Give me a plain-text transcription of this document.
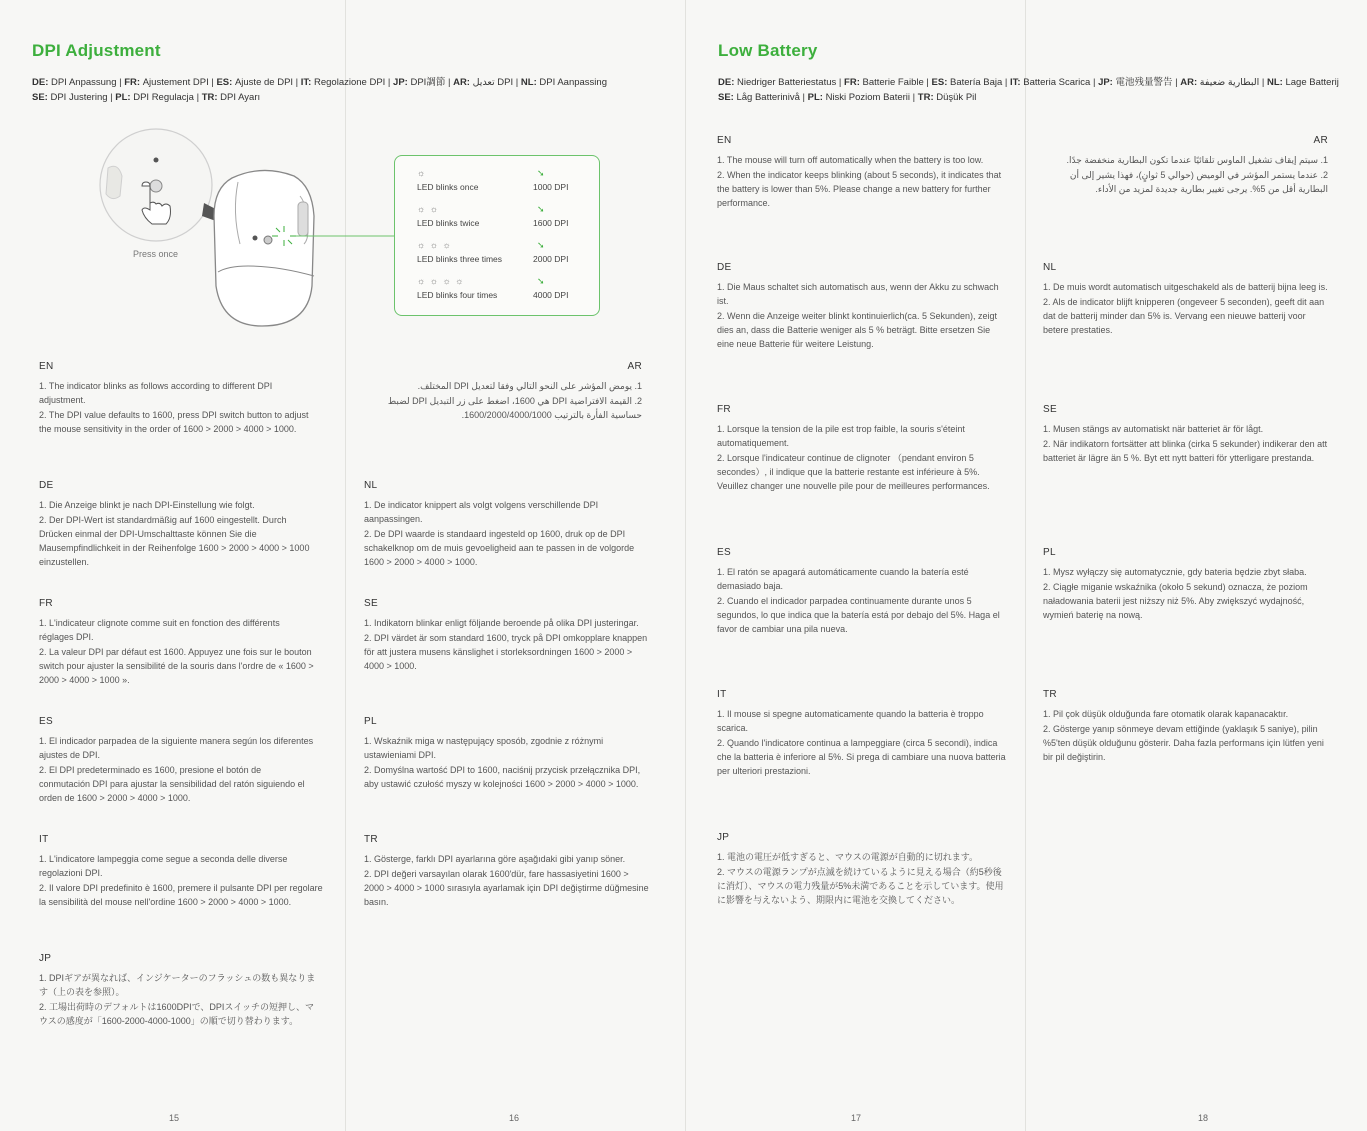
DPI Adjustment
DE: DPI Anpassung | FR: Ajustement DPI | ES: Ajuste de DPI | IT: Regolazione DPI | JP: DPI調節 | AR: تعديل DPI | NL: DPI Aanpassing
SE: DPI Justering | PL: DPI Regulacja | TR: DPI Ayarı
EN

1. The indicator blinks as follows according to different DPI adjustment.

2. The DPI value defaults to 1600, press DPI switch button to adjust the mouse sensitivity in the order of 1600 > 2000 > 4000 > 1000.

DE

1. Die Anzeige blinkt je nach DPI-Einstellung wie folgt.

2. Der DPI-Wert ist standardmäßig auf 1600 eingestellt. Durch Drücken einmal der DPI-Umschalttaste können Sie die Mausempfindlichkeit in der Reihenfolge 1600 > 2000 > 4000 > 1000 einzustellen.

FR

1. L'indicateur clignote comme suit en fonction des différents réglages DPI.

2. La valeur DPI par défaut est 1600. Appuyez une fois sur le bouton switch pour ajuster la sensibilité de la souris dans l'ordre de « 1600 > 2000 > 4000 > 1000 ».

ES

1. El indicador parpadea de la siguiente manera según los diferentes ajustes de DPI.

2. El DPI predeterminado es 1600, presione el botón de conmutación DPI para ajustar la sensibilidad del ratón siguiendo el orden de 1600 > 2000 > 4000 > 1000.

IT

1. L'indicatore lampeggia come segue a seconda delle diverse regolazioni DPI.

2. Il valore DPI predefinito è 1600, premere il pulsante DPI per regolare la sensibilità del mouse nell'ordine 1600 > 2000 > 4000 > 1000.

JP

1. DPIギアが異なれば、インジケーターのフラッシュの数も異なります（上の表を参照）。

2. 工場出荷時のデフォルトは1600DPIで、DPIスイッチの短押し、マウスの感度が「1600-2000-4000-1000」の順で切り替わります。

15
Press once
☼	➘
LED blinks once	1000 DPI
☼ ☼	➘
LED blinks twice	1600 DPI
☼ ☼ ☼	➘
LED blinks three times	2000 DPI
☼ ☼ ☼ ☼	➘
LED blinks four times	4000 DPI
AR

1. يومض المؤشر على النحو التالي وفقا لتعديل DPI المختلف.

2. القيمة الافتراضية DPI هي 1600، اضغط على زر التبديل DPI لضبط حساسية الفأرة بالترتيب 1600/2000/4000/1000.

NL

1. De indicator knippert als volgt volgens verschillende DPI aanpassingen.

2. De DPI waarde is standaard ingesteld op 1600, druk op de DPI schakelknop om de muis gevoeligheid aan te passen in de volgorde 1600 > 2000 > 4000 > 1000.

SE

1. Indikatorn blinkar enligt följande beroende på olika DPI justeringar.

2. DPI värdet är som standard 1600, tryck på DPI omkopplare knappen för att justera musens känslighet i storleksordningen 1600 > 2000 > 4000 > 1000.

PL

1. Wskaźnik miga w następujący sposób, zgodnie z różnymi ustawieniami DPI.

2. Domyślna wartość DPI to 1600, naciśnij przycisk przełącznika DPI, aby ustawić czułość myszy w kolejności 1600 > 2000 > 4000 > 1000.

TR

1. Gösterge, farklı DPI ayarlarına göre aşağıdaki gibi yanıp söner.

2. DPI değeri varsayılan olarak 1600'dür, fare hassasiyetini 1600 > 2000 > 4000 > 1000 sırasıyla ayarlamak için DPI değiştirme düğmesine basın.

16
Low Battery
DE: Niedriger Batteriestatus | FR: Batterie Faible | ES: Batería Baja | IT: Batteria Scarica | JP: 電池残量警告 | AR: البطارية ضعيفة | NL: Lage Batterij
SE: Låg Batterinivå | PL: Niski Poziom Baterii | TR: Düşük Pil
EN

1. The mouse will turn off automatically when the battery is too low.

2. When the indicator keeps blinking (about 5 seconds), it indicates that the battery is lower than 5%. Please change a new battery for further performance.

DE

1. Die Maus schaltet sich automatisch aus, wenn der Akku zu schwach ist.

2. Wenn die Anzeige weiter blinkt kontinuierlich(ca. 5 Sekunden), zeigt dies an, dass die Batterie weniger als 5 % beträgt. Bitte ersetzen Sie eine neue Batterie für weitere Leistung.

FR

1. Lorsque la tension de la pile est trop faible, la souris s'éteint automatiquement.

2. Lorsque l'indicateur continue de clignoter （pendant environ 5 secondes）, il indique que la batterie restante est inférieure à 5%. Veuillez changer une nouvelle pile pour de meilleures performances.

ES

1. El ratón se apagará automáticamente cuando la batería esté demasiado baja.

2. Cuando el indicador parpadea continuamente durante unos 5 segundos, lo que indica que la batería está por debajo del 5%. Haga el favor de cambiar una pila nueva.

IT

1. Il mouse si spegne automaticamente quando la batteria è troppo scarica.

2. Quando l'indicatore continua a lampeggiare (circa 5 secondi), indica che la batteria è inferiore al 5%. Si prega di cambiare una nuova batteria per ulteriori prestazioni.

JP

1. 電池の電圧が低すぎると、マウスの電源が自動的に切れます。

2. マウスの電源ランプが点滅を続けているように見える場合（約5秒後に消灯）、マウスの電力残量が5%未満であることを示しています。使用に影響を与えないよう、期限内に電池を交換してください。

17
AR

1. سيتم إيقاف تشغيل الماوس تلقائيًا عندما تكون البطارية منخفضة جدًا.

2. عندما يستمر المؤشر في الوميض (حوالي 5 ثوانٍ)، فهذا يشير إلى أن البطارية أقل من 5%. يرجى تغيير بطارية جديدة لمزيد من الأداء.

NL

1. De muis wordt automatisch uitgeschakeld als de batterij bijna leeg is.

2. Als de indicator blijft knipperen (ongeveer 5 seconden), geeft dit aan dat de batterij minder dan 5% is. Vervang een nieuwe batterij voor betere prestaties.

SE

1. Musen stängs av automatiskt när batteriet är för lågt.

2. När indikatorn fortsätter att blinka (cirka 5 sekunder) indikerar den att batteriet är lägre än 5 %. Byt ett nytt batteri för ytterligare prestanda.

PL

1. Mysz wyłączy się automatycznie, gdy bateria będzie zbyt słaba.

2. Ciągłe miganie wskaźnika (około 5 sekund) oznacza, że poziom naładowania baterii jest niższy niż 5%. Aby zwiększyć wydajność, wymień baterię na nową.

TR

1. Pil çok düşük olduğunda fare otomatik olarak kapanacaktır.

2. Gösterge yanıp sönmeye devam ettiğinde (yaklaşık 5 saniye), pilin %5'ten düşük olduğunu gösterir. Daha fazla performans için lütfen yeni bir pil değiştirin.

18
